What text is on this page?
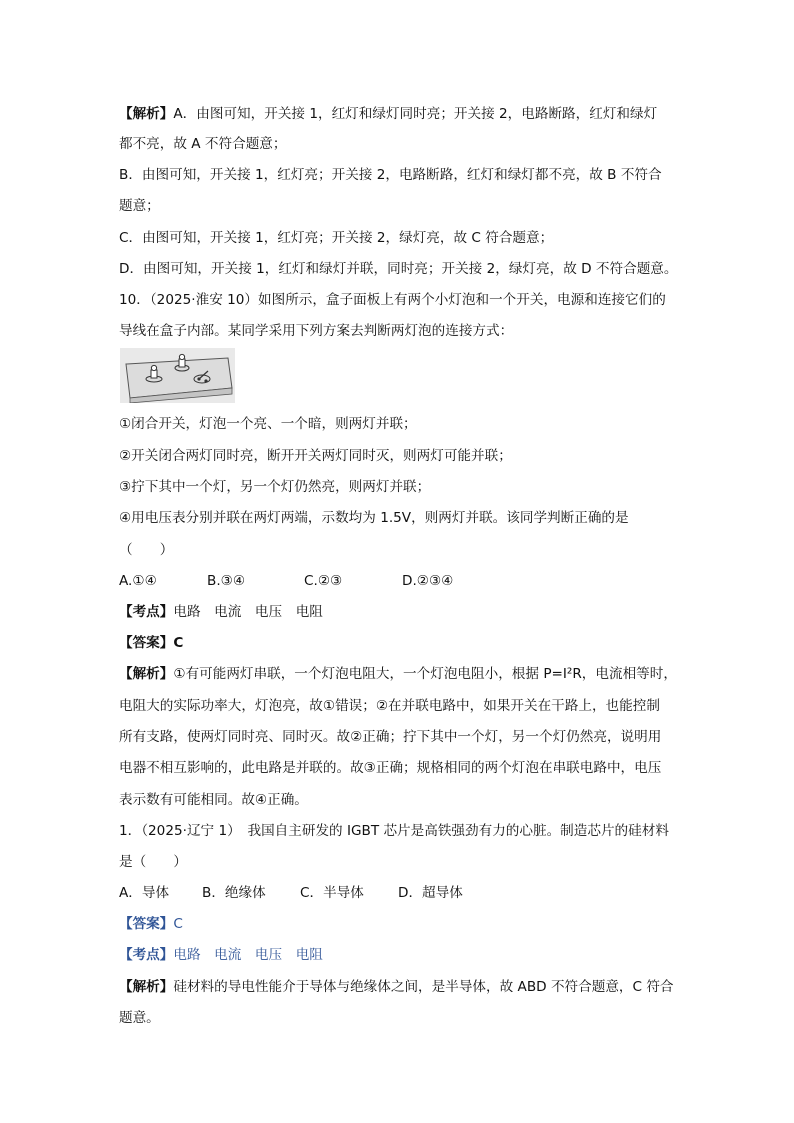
【解析】A．由图可知，开关接 1，红灯和绿灯同时亮；开关接 2，电路断路，红灯和绿灯
都不亮，故 A 不符合题意；
B．由图可知，开关接 1，红灯亮；开关接 2，电路断路，红灯和绿灯都不亮，故 B 不符合
题意；
C．由图可知，开关接 1，红灯亮；开关接 2，绿灯亮，故 C 符合题意；
D．由图可知，开关接 1，红灯和绿灯并联，同时亮；开关接 2，绿灯亮，故 D 不符合题意。
10．（2025·淮安 10）如图所示，盒子面板上有两个小灯泡和一个开关，电源和连接它们的
导线在盒子内部。某同学采用下列方案去判断两灯泡的连接方式：
①闭合开关，灯泡一个亮、一个暗，则两灯并联；
②开关闭合两灯同时亮，断开开关两灯同时灭，则两灯可能并联；
③拧下其中一个灯，另一个灯仍然亮，则两灯并联；
④用电压表分别并联在两灯两端，示数均为 1.5V，则两灯并联。该同学判断正确的是
（　　）
A.①④	B.③④	C.②③	D.②③④
【考点】电路　电流　电压　电阻
【答案】C
【解析】①有可能两灯串联，一个灯泡电阻大，一个灯泡电阻小，根据 P=I²R，电流相等时，
电阻大的实际功率大，灯泡亮，故①错误；②在并联电路中，如果开关在干路上，也能控制
所有支路，使两灯同时亮、同时灭。故②正确；拧下其中一个灯，另一个灯仍然亮，说明用
电器不相互影响的，此电路是并联的。故③正确；规格相同的两个灯泡在串联电路中，电压
表示数有可能相同。故④正确。
1．（2025·辽宁 1）　我国自主研发的 IGBT 芯片是高铁强劲有力的心脏。制造芯片的硅材料
是（　　）
A．导体 B．绝缘体	C．半导体	D．超导体
【答案】C
【考点】电路　电流　电压　电阻
【解析】硅材料的导电性能介于导体与绝缘体之间，是半导体，故 ABD 不符合题意，C 符合
题意。
